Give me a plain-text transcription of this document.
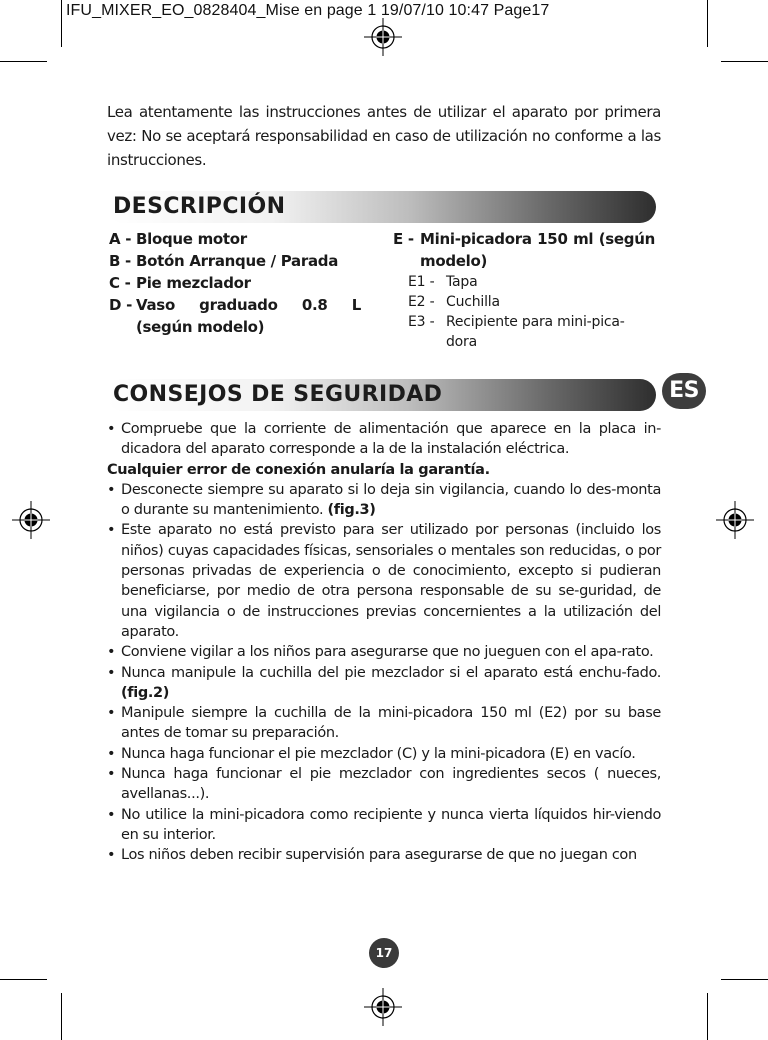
IFU_MIXER_EO_0828404_Mise en page 1 19/07/10 10:47 Page17

Lea atentamente las instrucciones antes de utilizar el aparato por primera vez: No se aceptará responsabilidad en caso de utilización no conforme a las instrucciones.

DESCRIPCIÓN
A - Bloque motor
B - Botón Arranque / Parada
C - Pie mezclador
D - Vaso graduado 0.8 L (según modelo)
E - Mini-picadora 150 ml (según modelo)
E1 - Tapa
E2 - Cuchilla
E3 - Recipiente para mini-pica-dora
CONSEJOS DE SEGURIDAD	ES

• Compruebe que la corriente de alimentación que aparece en la placa in-dicadora del aparato corresponde a la de la instalación eléctrica.

Cualquier error de conexión anularía la garantía.

• Desconecte siempre su aparato si lo deja sin vigilancia, cuando lo des-monta o durante su mantenimiento. (fig.3)

• Este aparato no está previsto para ser utilizado por personas (incluido los niños) cuyas capacidades físicas, sensoriales o mentales son reducidas, o por personas privadas de experiencia o de conocimiento, excepto si pudieran beneficiarse, por medio de otra persona responsable de su se-guridad, de una vigilancia o de instrucciones previas concernientes a la utilización del aparato.

• Conviene vigilar a los niños para asegurarse que no jueguen con el apa-rato.

• Nunca manipule la cuchilla del pie mezclador si el aparato está enchu-fado. (fig.2)

• Manipule siempre la cuchilla de la mini-picadora 150 ml (E2) por su base antes de tomar su preparación.

• Nunca haga funcionar el pie mezclador (C) y la mini-picadora (E) en vacío.

• Nunca haga funcionar el pie mezclador con ingredientes secos ( nueces, avellanas...).

• No utilice la mini-picadora como recipiente y nunca vierta líquidos hir-viendo en su interior.

• Los niños deben recibir supervisión para asegurarse de que no juegan con

17
